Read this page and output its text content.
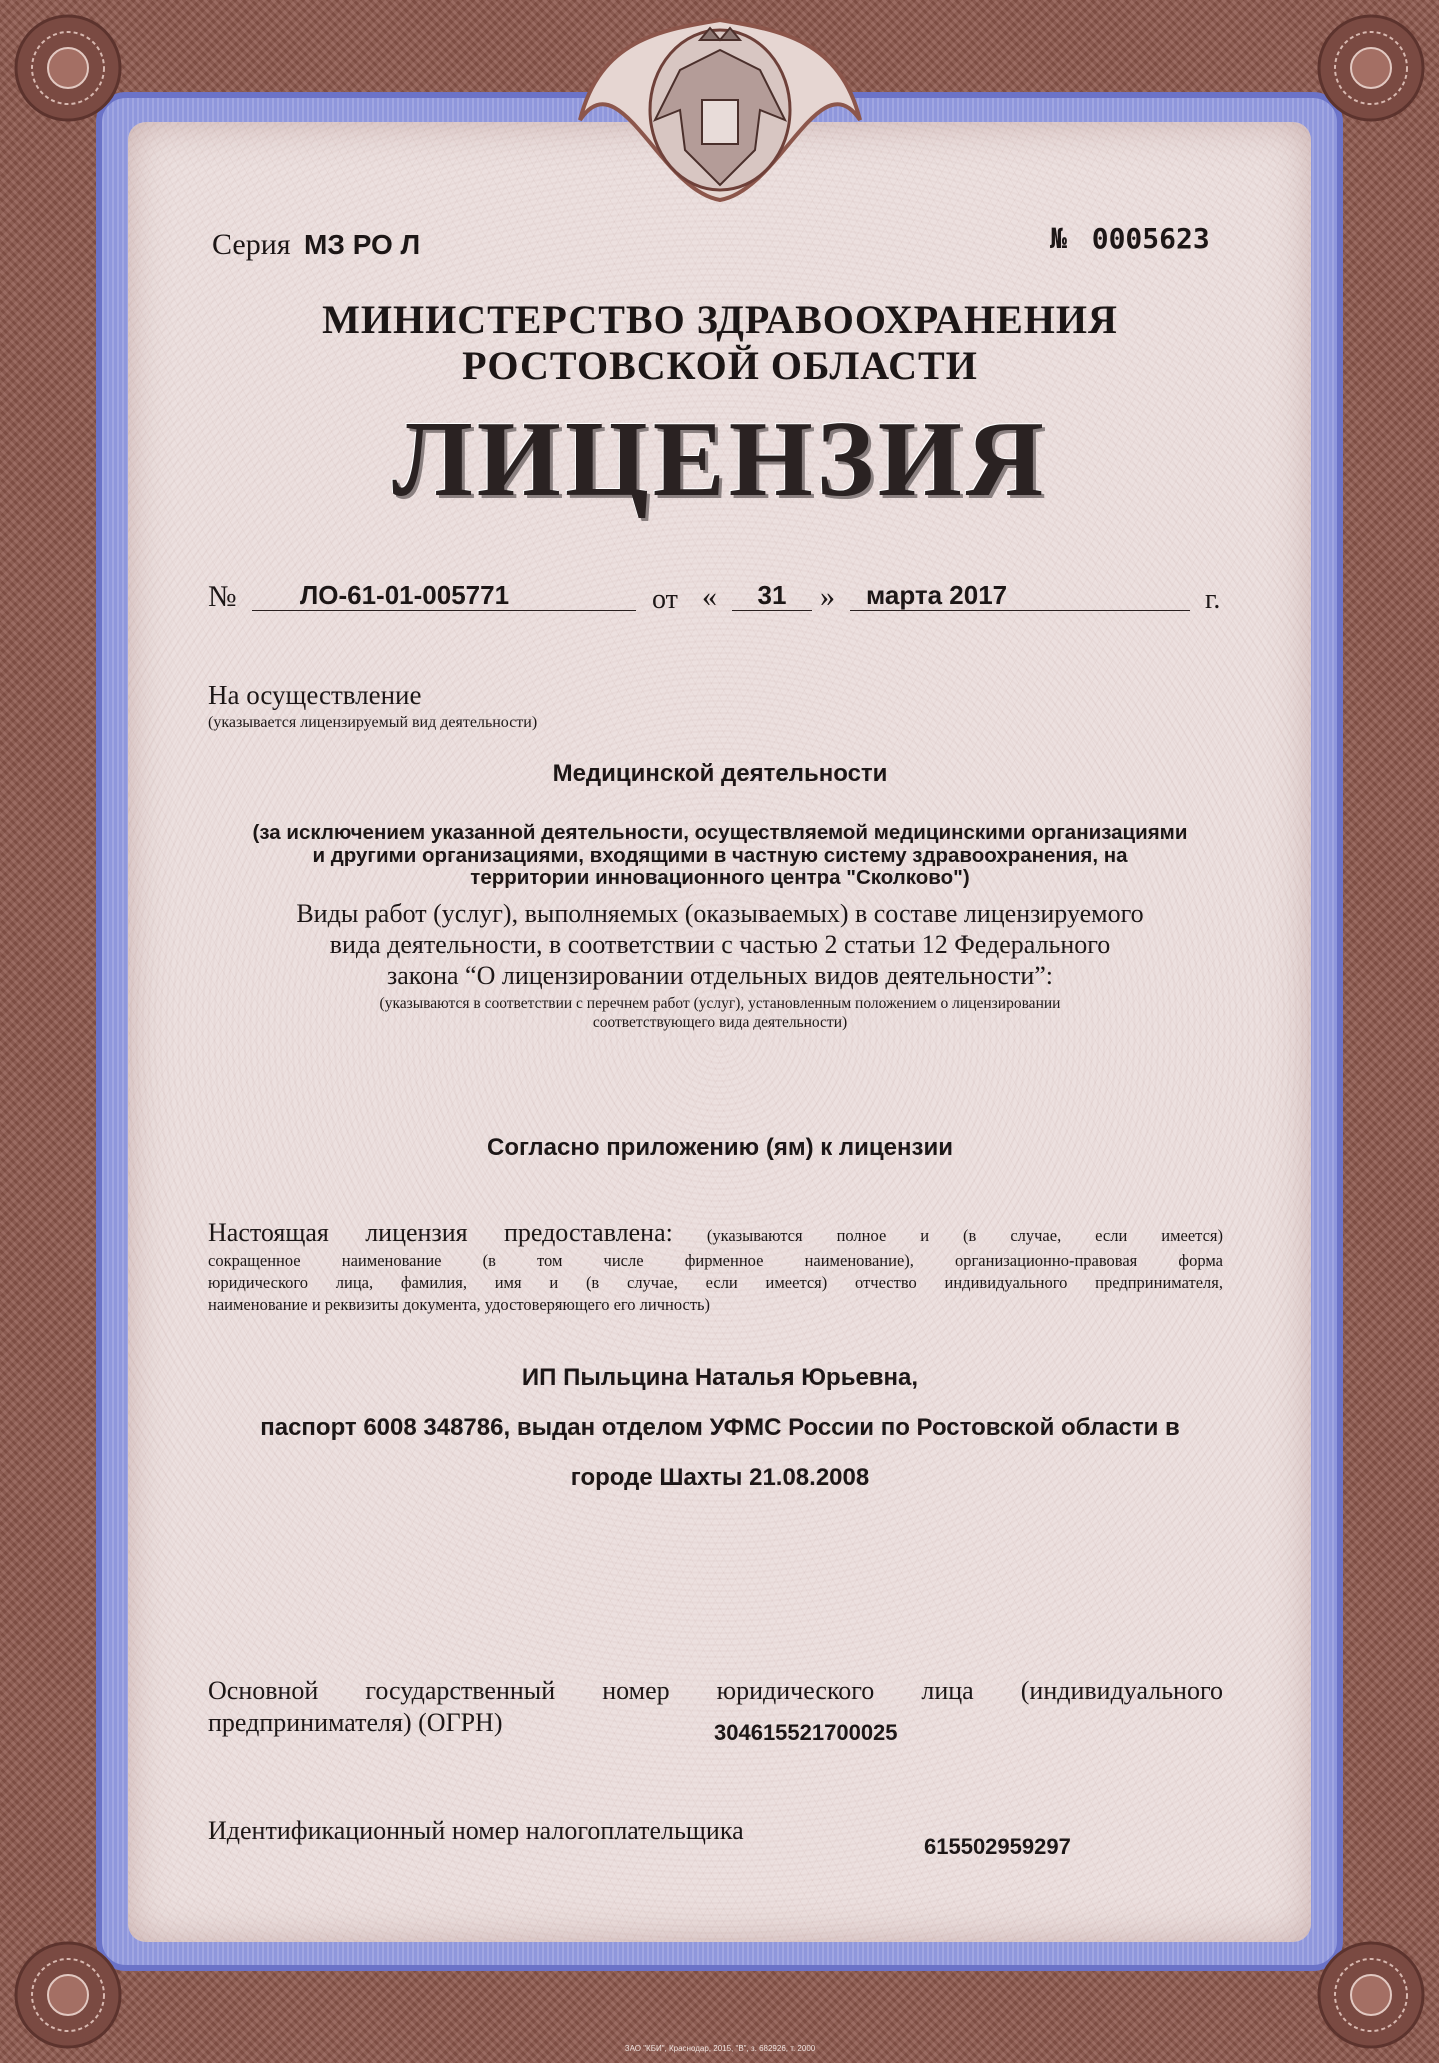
Серия МЗ РО Л	№ 0005623
МИНИСТЕРСТВО ЗДРАВООХРАНЕНИЯ
РОСТОВСКОЙ ОБЛАСТИ
ЛИЦЕНЗИЯ
№ ЛО-61-01-005771	от «	31	» марта 2017	г.
На осуществление
(указывается лицензируемый вид деятельности)
Медицинской деятельности
(за исключением указанной деятельности, осуществляемой медицинскими организациями
и другими организациями, входящими в частную систему здравоохранения, на
территории инновационного центра "Сколково")
Виды работ (услуг), выполняемых (оказываемых) в составе лицензируемого
вида деятельности, в соответствии с частью 2 статьи 12 Федерального
закона “О лицензировании отдельных видов деятельности”:
(указываются в соответствии с перечнем работ (услуг), установленным положением о лицензировании
соответствующего вида деятельности)
Согласно приложению (ям) к лицензии
Настоящая лицензия предоставлена: (указываются полное и (в случае, если имеется)
сокращенное наименование (в том числе фирменное наименование), организационно-правовая форма
юридического лица, фамилия, имя и (в случае, если имеется) отчество индивидуального предпринимателя,
наименование и реквизиты документа, удостоверяющего его личность)
ИП Пыльцина Наталья Юрьевна,
паспорт 6008 348786, выдан отделом УФМС России по Ростовской области в
городе Шахты 21.08.2008
Основной государственный номер юридического лица (индивидуального
предпринимателя) (ОГРН)	304615521700025
Идентификационный номер налогоплательщика
615502959297
ЗАО "КБИ", Краснодар, 2015, "В", з. 682926, т. 2000
